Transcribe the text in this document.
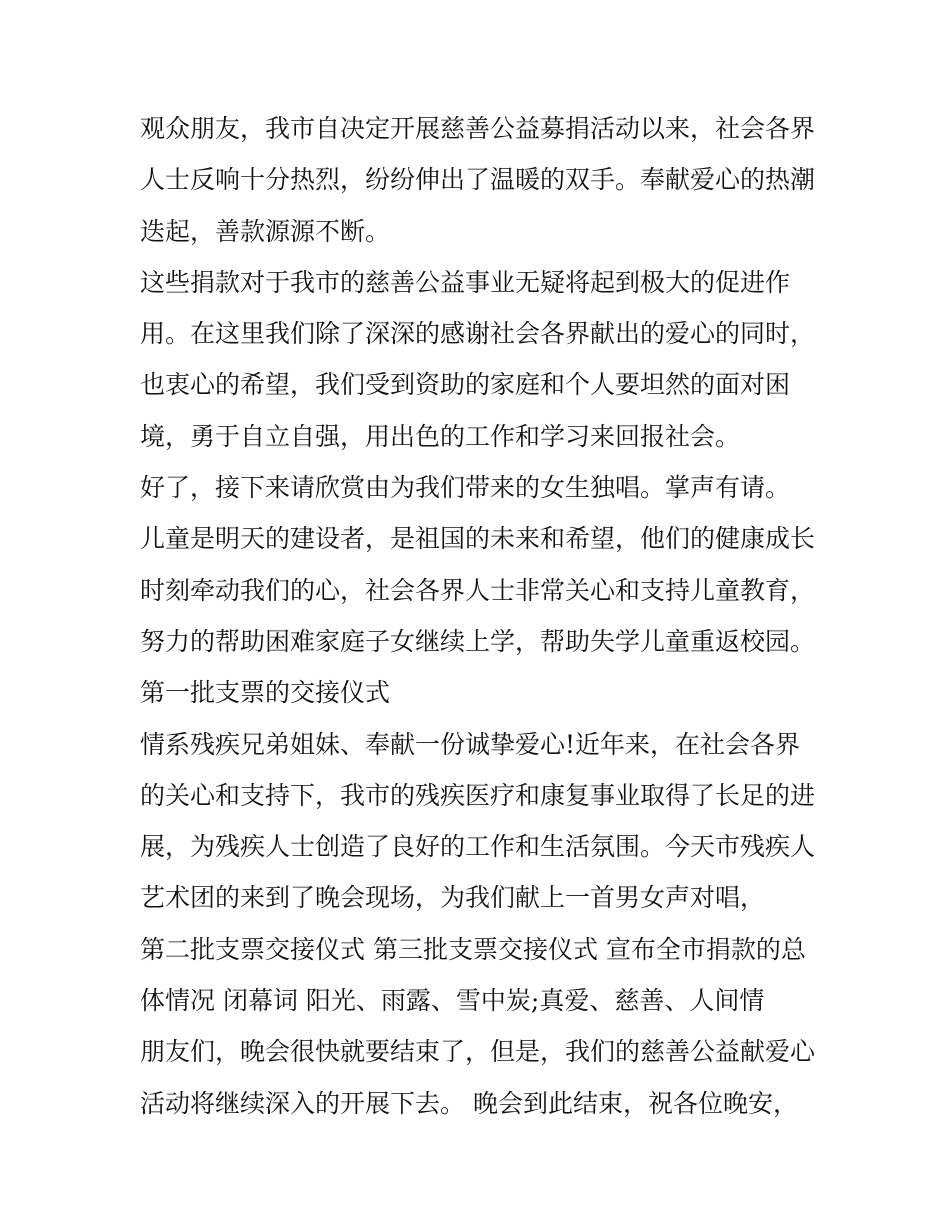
观众朋友，我市自决定开展慈善公益募捐活动以来，社会各界
人士反响十分热烈，纷纷伸出了温暖的双手。奉献爱心的热潮
迭起，善款源源不断。
这些捐款对于我市的慈善公益事业无疑将起到极大的促进作
用。在这里我们除了深深的感谢社会各界献出的爱心的同时，
也衷心的希望，我们受到资助的家庭和个人要坦然的面对困
境，勇于自立自强，用出色的工作和学习来回报社会。
好了，接下来请欣赏由为我们带来的女生独唱。掌声有请。
儿童是明天的建设者，是祖国的未来和希望，他们的健康成长
时刻牵动我们的心，社会各界人士非常关心和支持儿童教育，
努力的帮助困难家庭子女继续上学，帮助失学儿童重返校园。
第一批支票的交接仪式
情系残疾兄弟姐妹、奉献一份诚挚爱心!近年来，在社会各界
的关心和支持下，我市的残疾医疗和康复事业取得了长足的进
展，为残疾人士创造了良好的工作和生活氛围。今天市残疾人
艺术团的来到了晚会现场，为我们献上一首男女声对唱，
第二批支票交接仪式 第三批支票交接仪式 宣布全市捐款的总
体情况 闭幕词 阳光、雨露、雪中炭;真爱、慈善、人间情
朋友们，晚会很快就要结束了，但是，我们的慈善公益献爱心
活动将继续深入的开展下去。 晚会到此结束，祝各位晚安，
